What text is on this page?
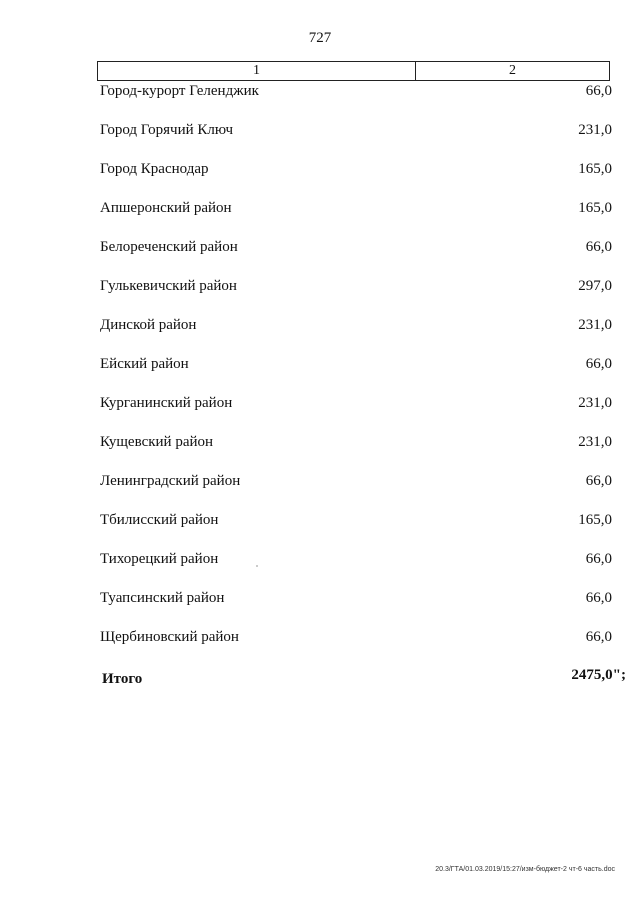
727
1	2
Город-курорт Геленджик	66,0
Город Горячий Ключ	231,0
Город Краснодар	165,0
Апшеронский район	165,0
Белореченский район	66,0
Гулькевичский район	297,0
Динской район	231,0
Ейский район	66,0
Курганинский район	231,0
Кущевский район	231,0
Ленинградский район	66,0
Тбилисский район	165,0
Тихорецкий район	66,0
Туапсинский район	66,0
Щербиновский район	66,0
Итого	2475,0";
20.3/ГТА/01.03.2019/15:27/изм-бюджет-2 чт-6 часть.doc
